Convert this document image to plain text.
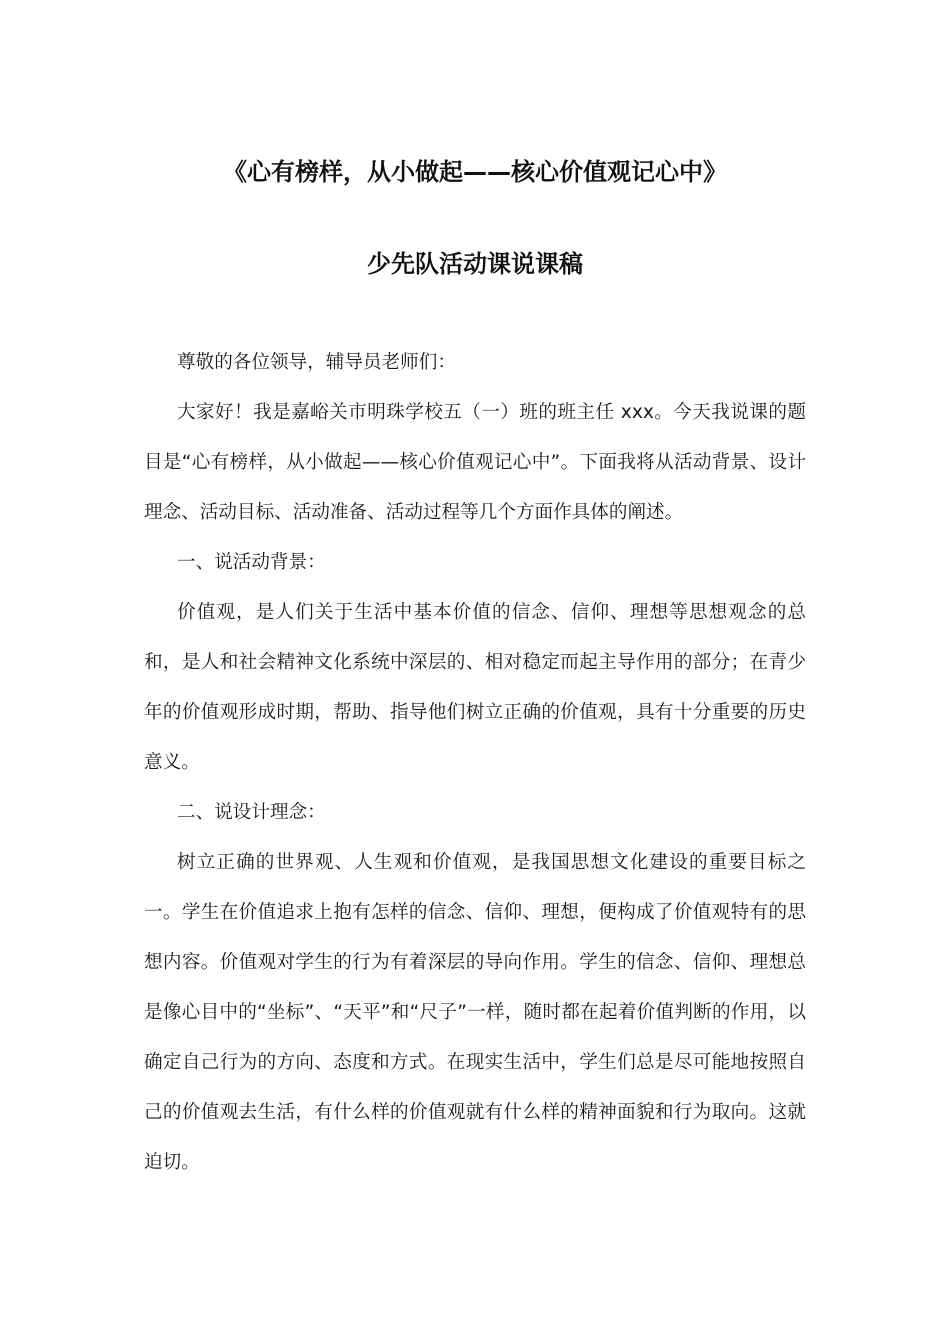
《心有榜样，从小做起——核心价值观记心中》
少先队活动课说课稿

尊敬的各位领导，辅导员老师们：

大家好！我是嘉峪关市明珠学校五（一）班的班主任 xxx。今天我说课的题目是“心有榜样，从小做起——核心价值观记心中”。下面我将从活动背景、设计理念、活动目标、活动准备、活动过程等几个方面作具体的阐述。

一、说活动背景：

价值观，是人们关于生活中基本价值的信念、信仰、理想等思想观念的总和，是人和社会精神文化系统中深层的、相对稳定而起主导作用的部分；在青少年的价值观形成时期，帮助、指导他们树立正确的价值观，具有十分重要的历史意义。

二、说设计理念：

树立正确的世界观、人生观和价值观，是我国思想文化建设的重要目标之一。学生在价值追求上抱有怎样的信念、信仰、理想，便构成了价值观特有的思想内容。价值观对学生的行为有着深层的导向作用。学生的信念、信仰、理想总是像心目中的“坐标”、“天平”和“尺子”一样，随时都在起着价值判断的作用，以确定自己行为的方向、态度和方式。在现实生活中，学生们总是尽可能地按照自己的价值观去生活，有什么样的价值观就有什么样的精神面貌和行为取向。这就迫切。
